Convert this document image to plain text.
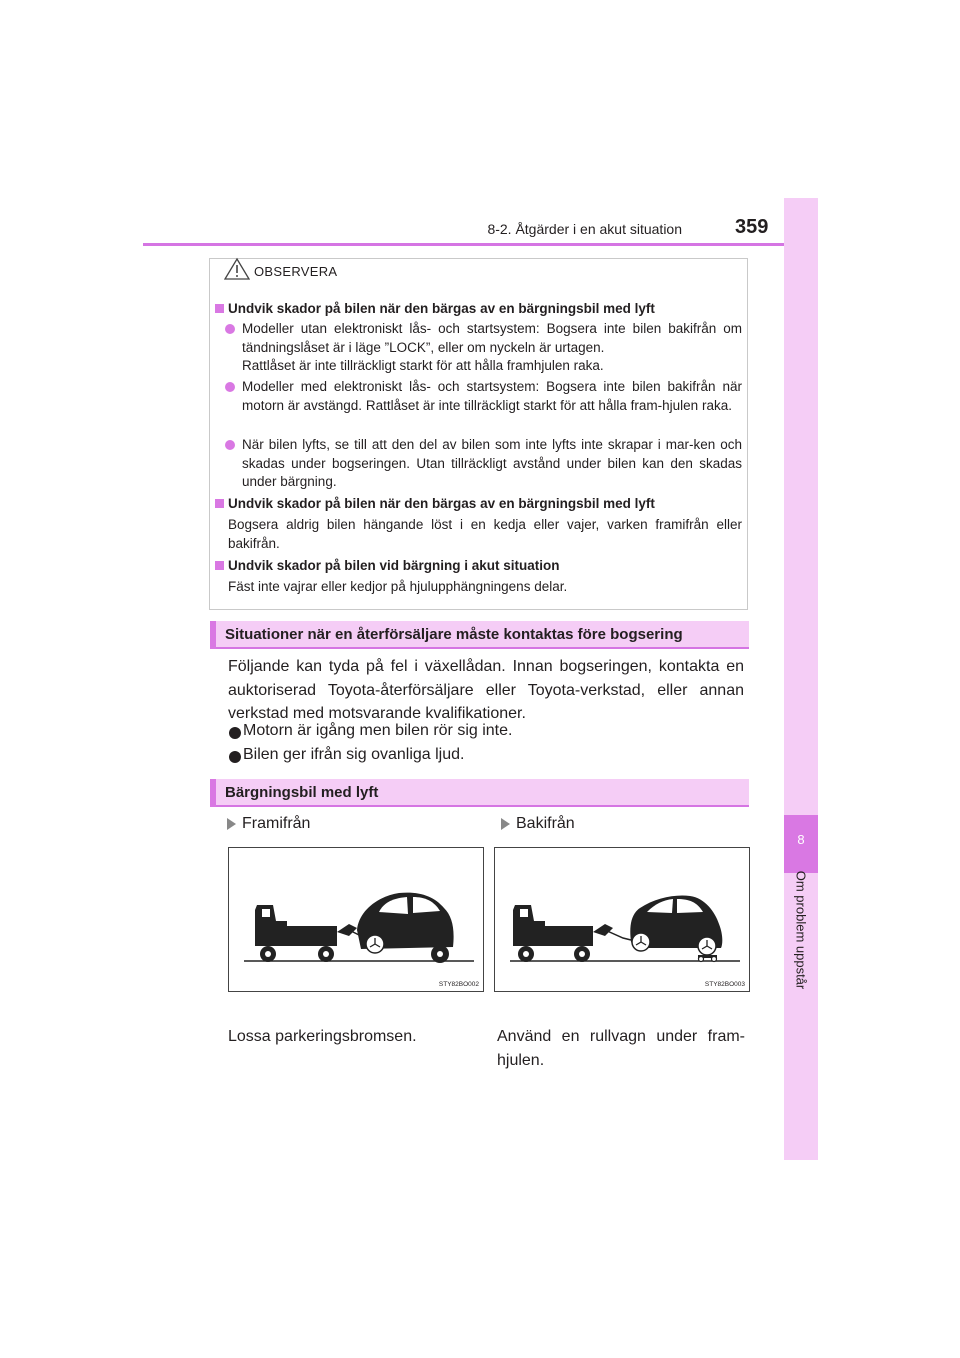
8-2. Åtgärder i en akut situation	359
8
Om problem uppstår
OBSERVERA
Undvik skador på bilen när den bärgas av en bärgningsbil med lyft
Modeller utan elektroniskt lås- och startsystem: Bogsera inte bilen bakifrån om tändningslåset är i läge ”LOCK”, eller om nyckeln är urtagen.
Rattlåset är inte tillräckligt starkt för att hålla framhjulen raka.
Modeller med elektroniskt lås- och startsystem: Bogsera inte bilen bakifrån när motorn är avstängd. Rattlåset är inte tillräckligt starkt för att hålla fram-hjulen raka.
När bilen lyfts, se till att den del av bilen som inte lyfts inte skrapar i mar-ken och skadas under bogseringen. Utan tillräckligt avstånd under bilen kan den skadas under bärgning.
Undvik skador på bilen när den bärgas av en bärgningsbil med lyft
Bogsera aldrig bilen hängande löst i en kedja eller vajer, varken framifrån eller bakifrån.
Undvik skador på bilen vid bärgning i akut situation
Fäst inte vajrar eller kedjor på hjulupphängningens delar.
Situationer när en återförsäljare måste kontaktas före bogsering
Följande kan tyda på fel i växellådan. Innan bogseringen, kontakta en auktoriserad Toyota-återförsäljare eller Toyota-verkstad, eller annan verkstad med motsvarande kvalifikationer.
Motorn är igång men bilen rör sig inte.
Bilen ger ifrån sig ovanliga ljud.
Bärgningsbil med lyft
Framifrån	Bakifrån
STY82BO002	STY82BO003
Lossa parkeringsbromsen.	Använd en rullvagn under fram-hjulen.
